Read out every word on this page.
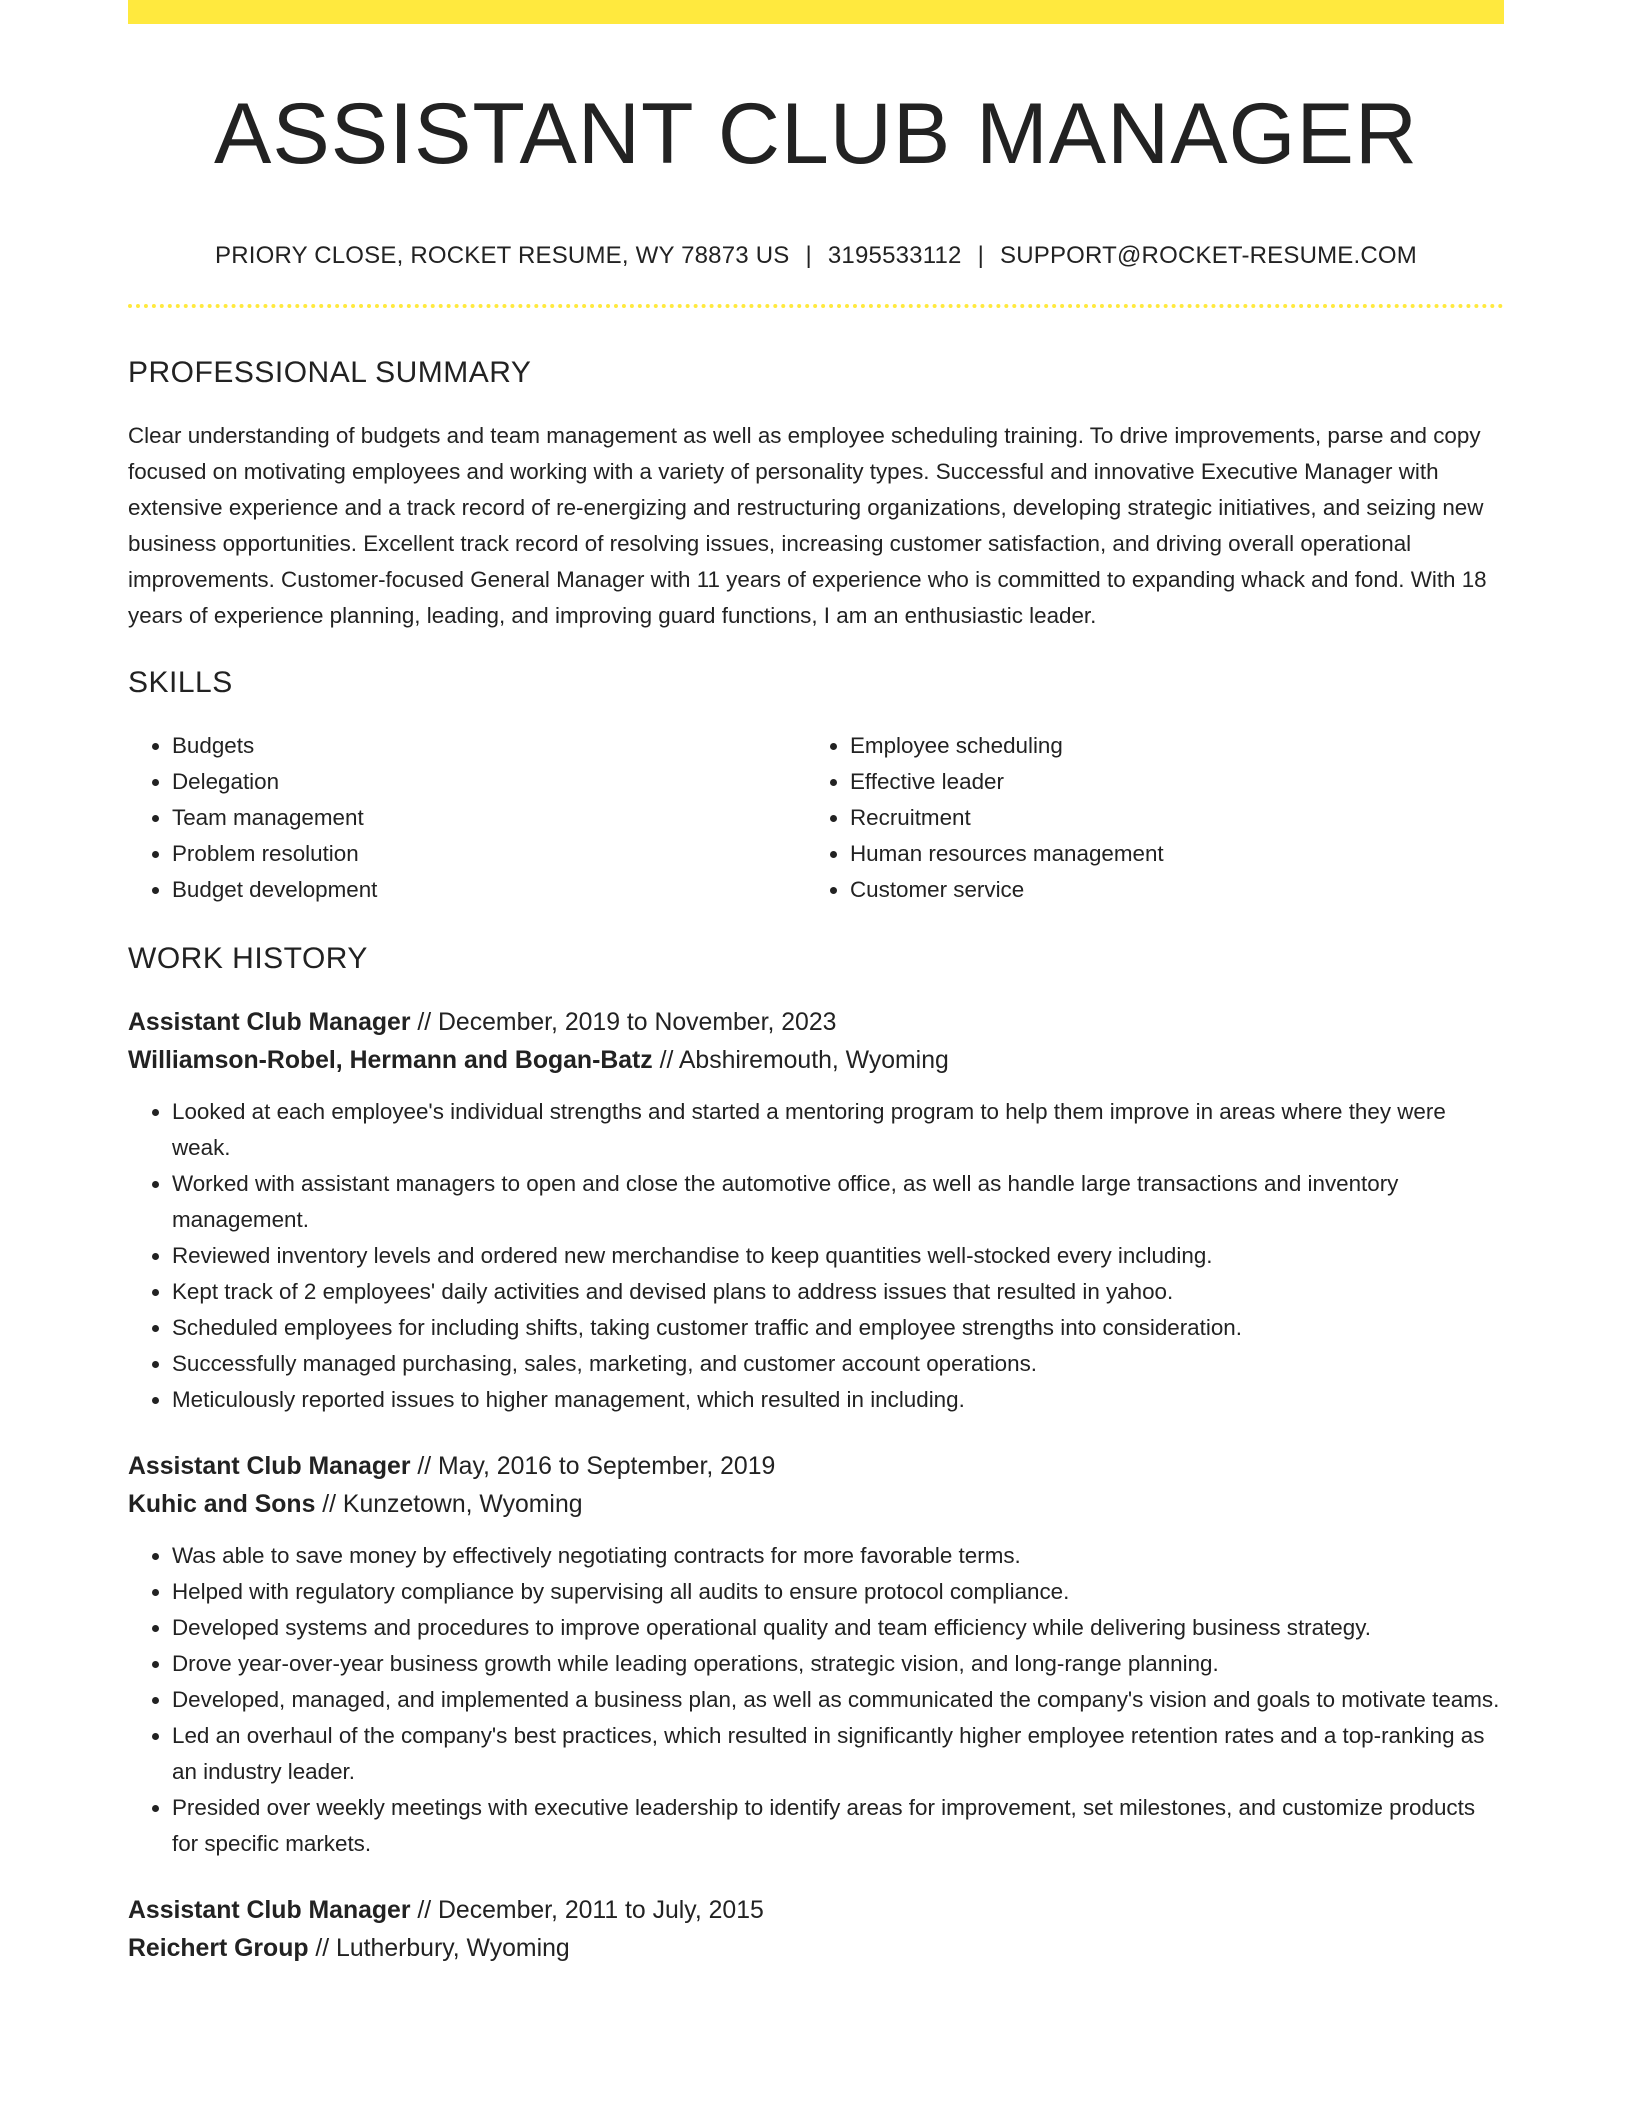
ASSISTANT CLUB MANAGER
PRIORY CLOSE, ROCKET RESUME, WY 78873 US | 3195533112 | SUPPORT@ROCKET-RESUME.COM
PROFESSIONAL SUMMARY

Clear understanding of budgets and team management as well as employee scheduling training. To drive improvements, parse and copy focused on motivating employees and working with a variety of personality types. Successful and innovative Executive Manager with extensive experience and a track record of re-energizing and restructuring organizations, developing strategic initiatives, and seizing new business opportunities. Excellent track record of resolving issues, increasing customer satisfaction, and driving overall operational improvements. Customer-focused General Manager with 11 years of experience who is committed to expanding whack and fond. With 18 years of experience planning, leading, and improving guard functions, I am an enthusiastic leader.

SKILLS
• Budgets
• Delegation
• Team management
• Problem resolution
• Budget development
• Employee scheduling
• Effective leader
• Recruitment
• Human resources management
• Customer service
WORK HISTORY
Assistant Club Manager // December, 2019 to November, 2023
Williamson-Robel, Hermann and Bogan-Batz // Abshiremouth, Wyoming
• Looked at each employee's individual strengths and started a mentoring program to help them improve in areas where they were weak.
• Worked with assistant managers to open and close the automotive office, as well as handle large transactions and inventory management.
• Reviewed inventory levels and ordered new merchandise to keep quantities well-stocked every including.
• Kept track of 2 employees' daily activities and devised plans to address issues that resulted in yahoo.
• Scheduled employees for including shifts, taking customer traffic and employee strengths into consideration.
• Successfully managed purchasing, sales, marketing, and customer account operations.
• Meticulously reported issues to higher management, which resulted in including.
Assistant Club Manager // May, 2016 to September, 2019
Kuhic and Sons // Kunzetown, Wyoming
• Was able to save money by effectively negotiating contracts for more favorable terms.
• Helped with regulatory compliance by supervising all audits to ensure protocol compliance.
• Developed systems and procedures to improve operational quality and team efficiency while delivering business strategy.
• Drove year-over-year business growth while leading operations, strategic vision, and long-range planning.
• Developed, managed, and implemented a business plan, as well as communicated the company's vision and goals to motivate teams.
• Led an overhaul of the company's best practices, which resulted in significantly higher employee retention rates and a top-ranking as an industry leader.
• Presided over weekly meetings with executive leadership to identify areas for improvement, set milestones, and customize products for specific markets.
Assistant Club Manager // December, 2011 to July, 2015
Reichert Group // Lutherbury, Wyoming
